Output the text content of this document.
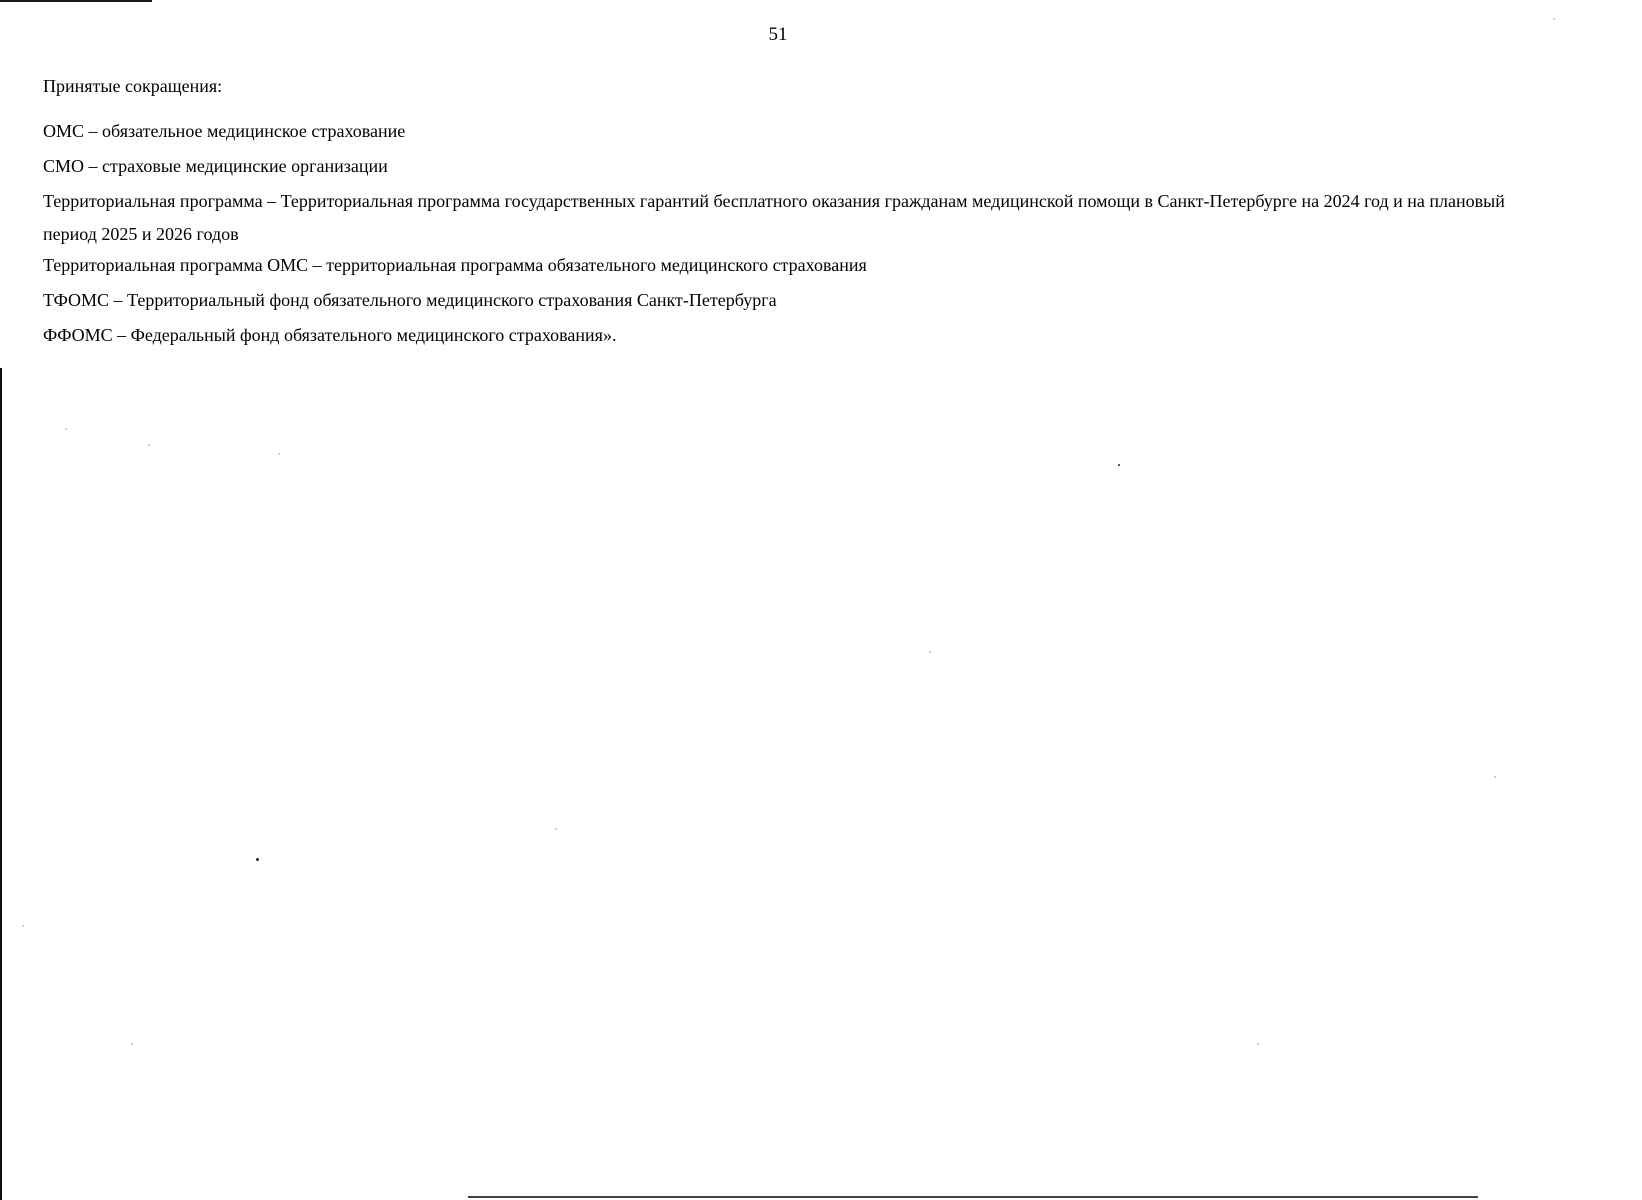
51
Принятые сокращения:
ОМС – обязательное медицинское страхование
СМО – страховые медицинские организации
Территориальная программа – Территориальная программа государственных гарантий бесплатного оказания гражданам медицинской помощи в Санкт-Петербурге на 2024 год и на плановый период 2025 и 2026 годов
Территориальная программа ОМС – территориальная программа обязательного медицинского страхования
ТФОМС – Территориальный фонд обязательного медицинского страхования Санкт-Петербурга
ФФОМС – Федеральный фонд обязательного медицинского страхования».
